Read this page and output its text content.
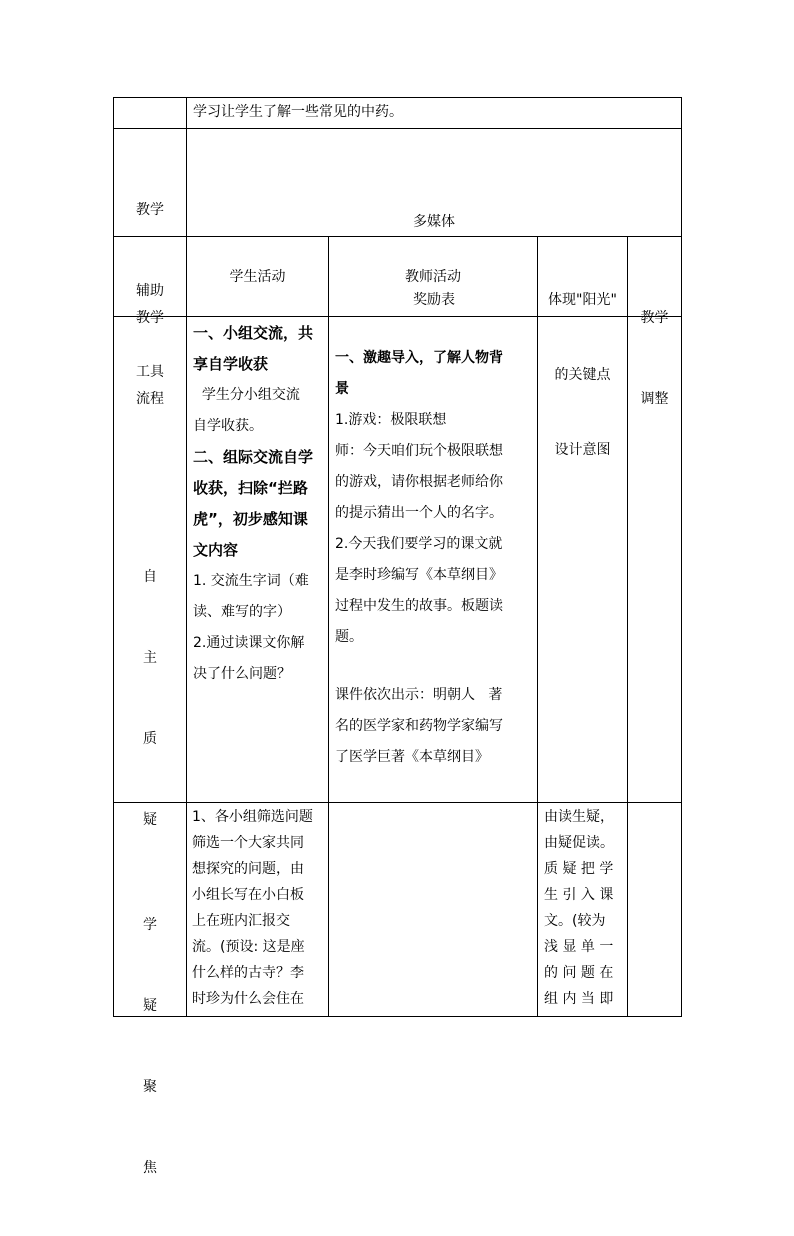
学习让学生了解一些常见的中药。

教学

辅助

工具

多媒体

奖励表

教学

流程

学生活动	教师活动

体现"阳光"

的关键点

设计意图

教学

调整

自

主

质

疑

一、小组交流，共
享自学收获
学生分小组交流
自学收获。
二、组际交流自学
收获，扫除“拦路
虎”，初步感知课
文内容
1. 交流生字词（难
读、难写的字）
2.通过读课文你解
决了什么问题？
一、激趣导入，了解人物背
景
1.游戏：极限联想
师：今天咱们玩个极限联想
的游戏，请你根据老师给你
的提示猜出一个人的名字。
2.今天我们要学习的课文就
是李时珍编写《本草纲目》
过程中发生的故事。板题读
题。
课件依次出示：明朝人   著
名的医学家和药物学家编写
了医学巨著《本草纲目》

学

疑

聚

焦

1、各小组筛选问题
筛选一个大家共同
想探究的问题，由
小组长写在小白板
上在班内汇报交
流。(预设: 这是座
什么样的古寺？李
时珍为什么会住在
由读生疑，
由疑促读。
质 疑 把 学
生 引 入 课
文。(较为
浅 显 单 一
的 问 题 在
组 内 当 即
